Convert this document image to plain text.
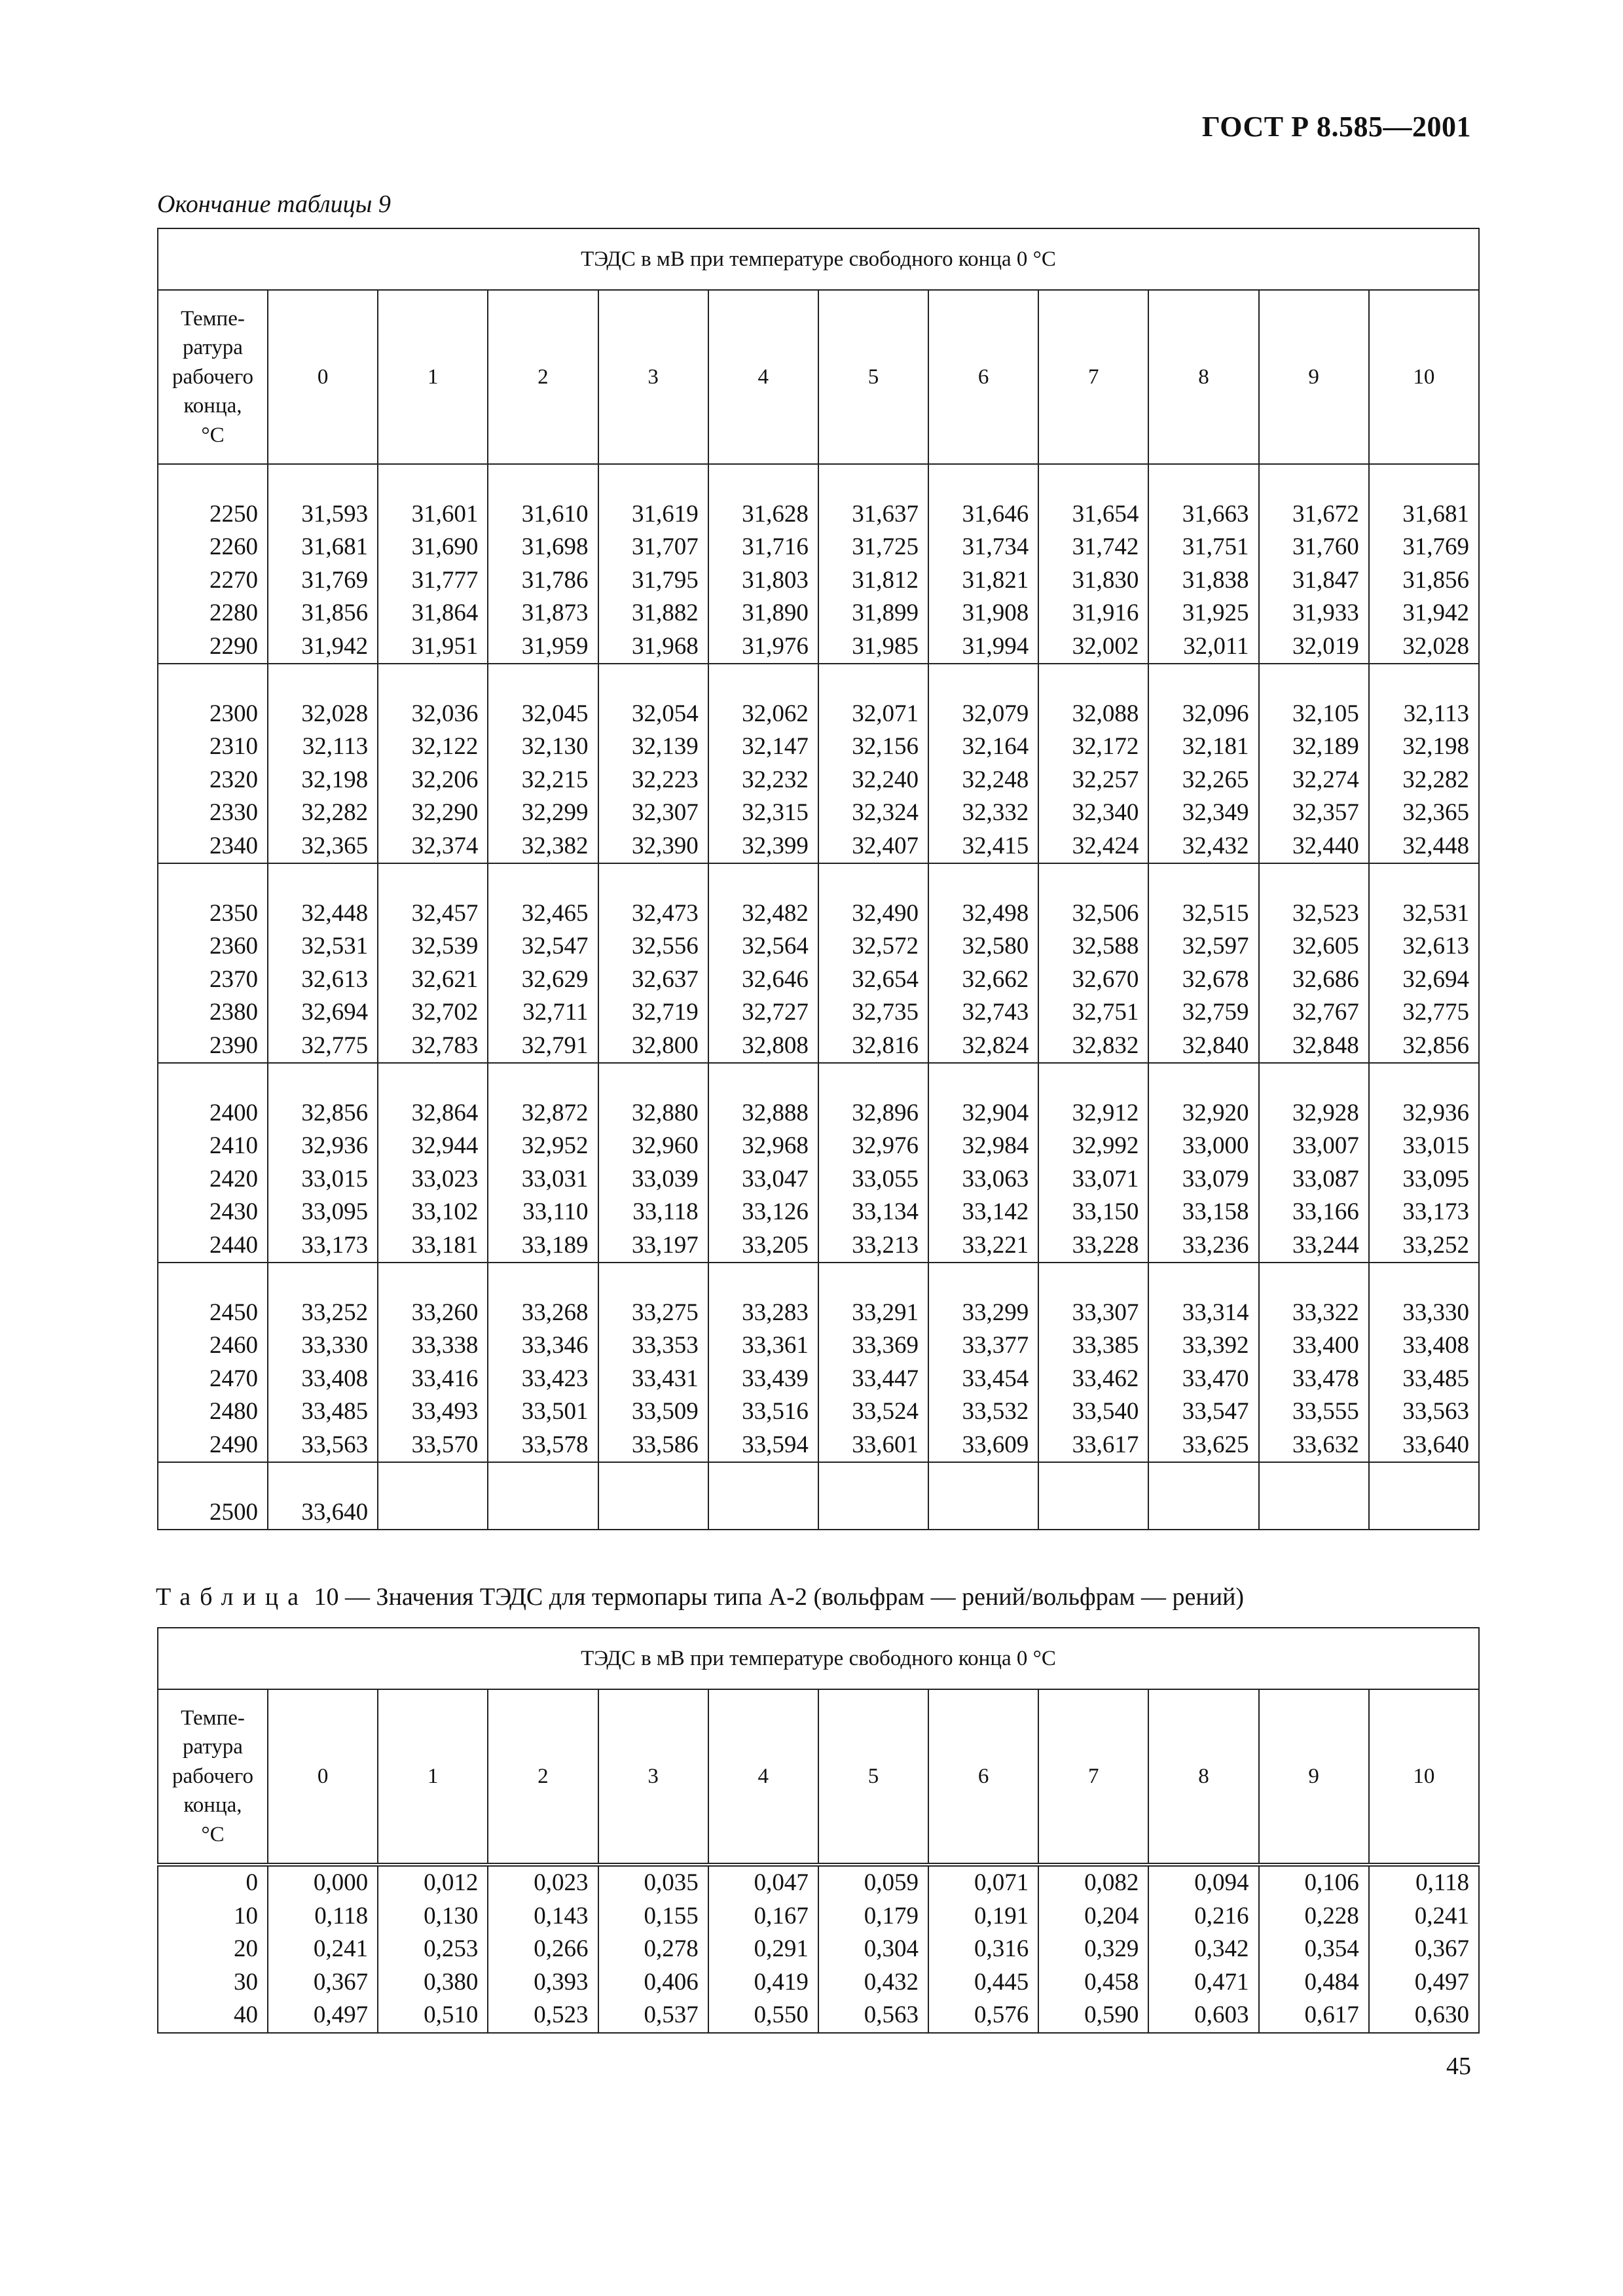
ГОСТ Р 8.585—2001
Окончание таблицы 9
ТЭДС в мВ при температуре свободного конца 0 °С											
Темпе-
ратура
рабочего
конца,
°С	0	1	2	3	4	5	6	7	8	9	10

2250	31,593	31,601	31,610	31,619	31,628	31,637	31,646	31,654	31,663	31,672	31,681
2260	31,681	31,690	31,698	31,707	31,716	31,725	31,734	31,742	31,751	31,760	31,769
2270	31,769	31,777	31,786	31,795	31,803	31,812	31,821	31,830	31,838	31,847	31,856
2280	31,856	31,864	31,873	31,882	31,890	31,899	31,908	31,916	31,925	31,933	31,942
2290	31,942	31,951	31,959	31,968	31,976	31,985	31,994	32,002	32,011	32,019	32,028

2300	32,028	32,036	32,045	32,054	32,062	32,071	32,079	32,088	32,096	32,105	32,113
2310	32,113	32,122	32,130	32,139	32,147	32,156	32,164	32,172	32,181	32,189	32,198
2320	32,198	32,206	32,215	32,223	32,232	32,240	32,248	32,257	32,265	32,274	32,282
2330	32,282	32,290	32,299	32,307	32,315	32,324	32,332	32,340	32,349	32,357	32,365
2340	32,365	32,374	32,382	32,390	32,399	32,407	32,415	32,424	32,432	32,440	32,448

2350	32,448	32,457	32,465	32,473	32,482	32,490	32,498	32,506	32,515	32,523	32,531
2360	32,531	32,539	32,547	32,556	32,564	32,572	32,580	32,588	32,597	32,605	32,613
2370	32,613	32,621	32,629	32,637	32,646	32,654	32,662	32,670	32,678	32,686	32,694
2380	32,694	32,702	32,711	32,719	32,727	32,735	32,743	32,751	32,759	32,767	32,775
2390	32,775	32,783	32,791	32,800	32,808	32,816	32,824	32,832	32,840	32,848	32,856

2400	32,856	32,864	32,872	32,880	32,888	32,896	32,904	32,912	32,920	32,928	32,936
2410	32,936	32,944	32,952	32,960	32,968	32,976	32,984	32,992	33,000	33,007	33,015
2420	33,015	33,023	33,031	33,039	33,047	33,055	33,063	33,071	33,079	33,087	33,095
2430	33,095	33,102	33,110	33,118	33,126	33,134	33,142	33,150	33,158	33,166	33,173
2440	33,173	33,181	33,189	33,197	33,205	33,213	33,221	33,228	33,236	33,244	33,252

2450	33,252	33,260	33,268	33,275	33,283	33,291	33,299	33,307	33,314	33,322	33,330
2460	33,330	33,338	33,346	33,353	33,361	33,369	33,377	33,385	33,392	33,400	33,408
2470	33,408	33,416	33,423	33,431	33,439	33,447	33,454	33,462	33,470	33,478	33,485
2480	33,485	33,493	33,501	33,509	33,516	33,524	33,532	33,540	33,547	33,555	33,563
2490	33,563	33,570	33,578	33,586	33,594	33,601	33,609	33,617	33,625	33,632	33,640

2500	33,640										
Таблица 10 — Значения ТЭДС для термопары типа А-2 (вольфрам — рений/вольфрам — рений)
ТЭДС в мВ при температуре свободного конца 0 °С											
Темпе-
ратура
рабочего
конца,
°С	0	1	2	3	4	5	6	7	8	9	10
0	0,000	0,012	0,023	0,035	0,047	0,059	0,071	0,082	0,094	0,106	0,118
10	0,118	0,130	0,143	0,155	0,167	0,179	0,191	0,204	0,216	0,228	0,241
20	0,241	0,253	0,266	0,278	0,291	0,304	0,316	0,329	0,342	0,354	0,367
30	0,367	0,380	0,393	0,406	0,419	0,432	0,445	0,458	0,471	0,484	0,497
40	0,497	0,510	0,523	0,537	0,550	0,563	0,576	0,590	0,603	0,617	0,630
45
